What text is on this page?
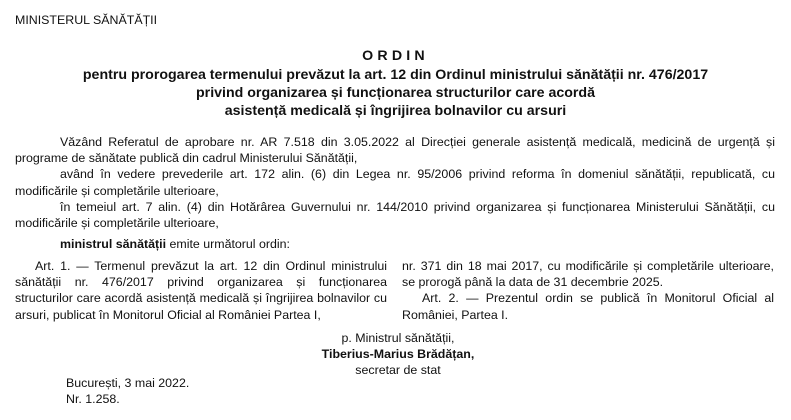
MINISTERUL SĂNĂTĂȚII
ORDIN
pentru prorogarea termenului prevăzut la art. 12 din Ordinul ministrului sănătății nr. 476/2017
privind organizarea și funcționarea structurilor care acordă
asistență medicală și îngrijirea bolnavilor cu arsuri

Văzând Referatul de aprobare nr. AR 7.518 din 3.05.2022 al Direcției generale asistență medicală, medicină de urgență și programe de sănătate publică din cadrul Ministerului Sănătății,

având în vedere prevederile art. 172 alin. (6) din Legea nr. 95/2006 privind reforma în domeniul sănătății, republicată, cu modificările și completările ulterioare,

în temeiul art. 7 alin. (4) din Hotărârea Guvernului nr. 144/2010 privind organizarea și funcționarea Ministerului Sănătății, cu modificările și completările ulterioare,

ministrul sănătății emite următorul ordin:

Art. 1. — Termenul prevăzut la art. 12 din Ordinul ministrului sănătății nr. 476/2017 privind organizarea și funcționarea structurilor care acordă asistență medicală și îngrijirea bolnavilor cu arsuri, publicat în Monitorul Oficial al României Partea I,

nr. 371 din 18 mai 2017, cu modificările și completările ulterioare, se prorogă până la data de 31 decembrie 2025.

Art. 2. — Prezentul ordin se publică în Monitorul Oficial al României, Partea I.

p. Ministrul sănătății,
Tiberius-Marius Brădățan,
secretar de stat
București, 3 mai 2022.
Nr. 1.258.
